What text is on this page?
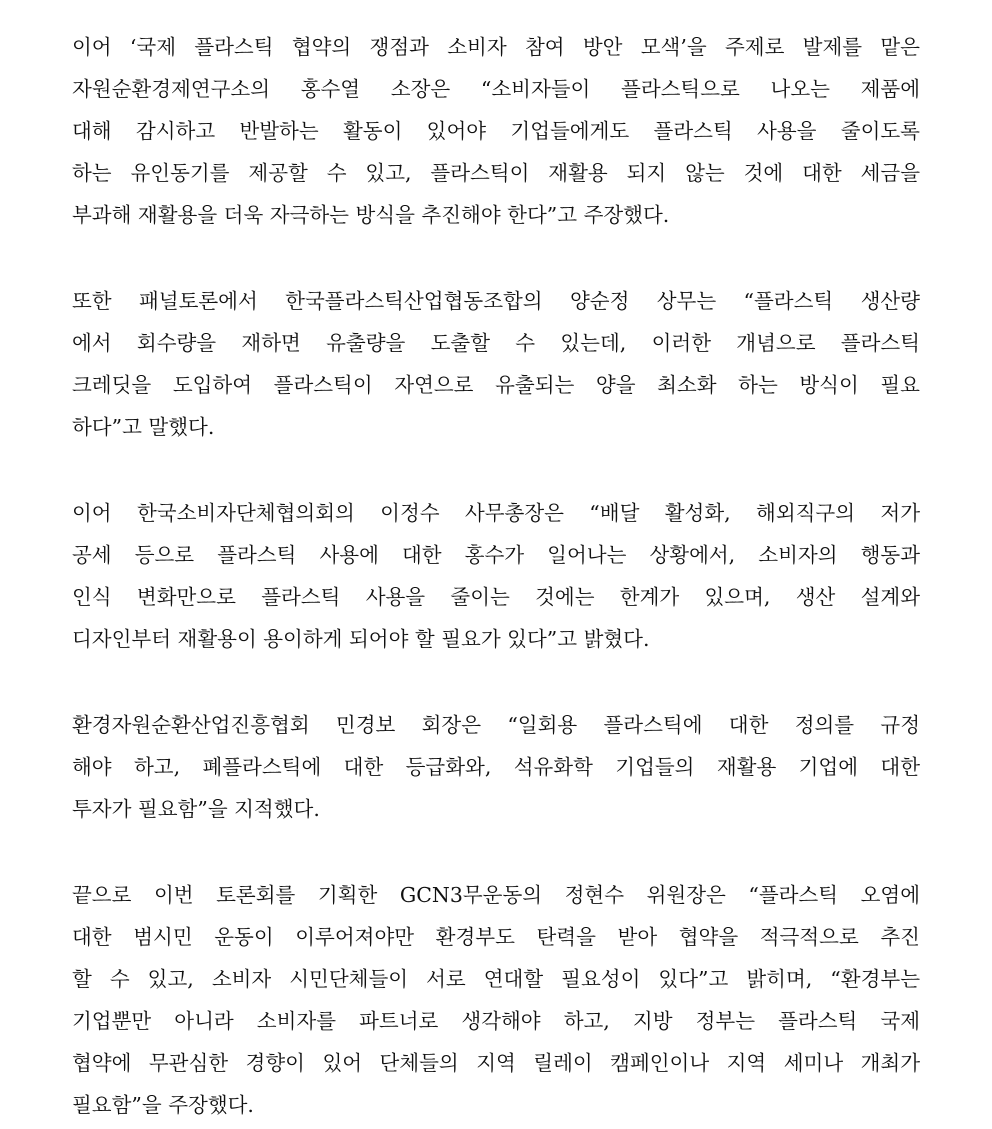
이어 ‘국제 플라스틱 협약의 쟁점과 소비자 참여 방안 모색’을 주제로 발제를 맡은
자원순환경제연구소의 홍수열 소장은 “소비자들이 플라스틱으로 나오는 제품에
대해 감시하고 반발하는 활동이 있어야 기업들에게도 플라스틱 사용을 줄이도록
하는 유인동기를 제공할 수 있고, 플라스틱이 재활용 되지 않는 것에 대한 세금을
부과해 재활용을 더욱 자극하는 방식을 추진해야 한다”고 주장했다.

또한 패널토론에서 한국플라스틱산업협동조합의 양순정 상무는 “플라스틱 생산량
에서 회수량을 재하면 유출량을 도출할 수 있는데, 이러한 개념으로 플라스틱
크레딧을 도입하여 플라스틱이 자연으로 유출되는 양을 최소화 하는 방식이 필요
하다”고 말했다.

이어 한국소비자단체협의회의 이정수 사무총장은 “배달 활성화, 해외직구의 저가
공세 등으로 플라스틱 사용에 대한 홍수가 일어나는 상황에서, 소비자의 행동과
인식 변화만으로 플라스틱 사용을 줄이는 것에는 한계가 있으며, 생산 설계와
디자인부터 재활용이 용이하게 되어야 할 필요가 있다”고 밝혔다.

환경자원순환산업진흥협회 민경보 회장은 “일회용 플라스틱에 대한 정의를 규정
해야 하고, 폐플라스틱에 대한 등급화와, 석유화학 기업들의 재활용 기업에 대한
투자가 필요함”을 지적했다.

끝으로 이번 토론회를 기획한 GCN3무운동의 정현수 위원장은 “플라스틱 오염에
대한 범시민 운동이 이루어져야만 환경부도 탄력을 받아 협약을 적극적으로 추진
할 수 있고, 소비자 시민단체들이 서로 연대할 필요성이 있다”고 밝히며, “환경부는
기업뿐만 아니라 소비자를 파트너로 생각해야 하고, 지방 정부는 플라스틱 국제
협약에 무관심한 경향이 있어 단체들의 지역 릴레이 캠페인이나 지역 세미나 개최가
필요함”을 주장했다.
